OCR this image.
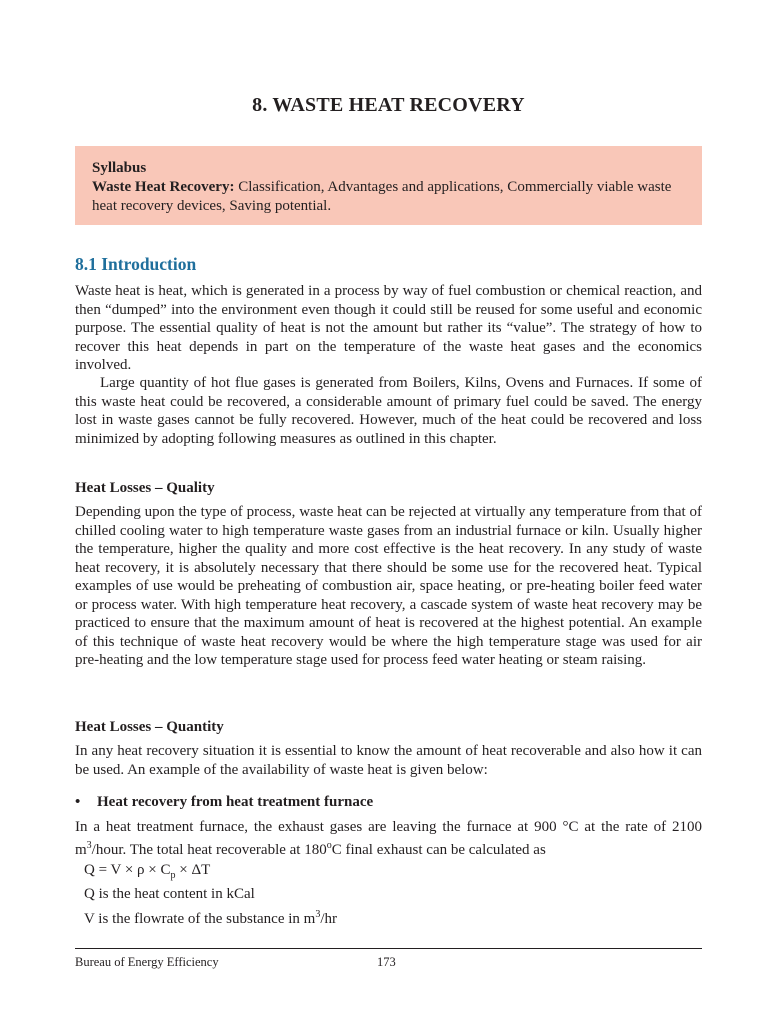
8. WASTE HEAT RECOVERY
Syllabus
Waste Heat Recovery: Classification, Advantages and applications, Commercially viable waste heat recovery devices, Saving potential.
8.1 Introduction

Waste heat is heat, which is generated in a process by way of fuel combustion or chemical reaction, and then “dumped” into the environment even though it could still be reused for some useful and economic purpose. The essential quality of heat is not the amount but rather its “value”. The strategy of how to recover this heat depends in part on the temperature of the waste heat gases and the economics involved.

Large quantity of hot flue gases is generated from Boilers, Kilns, Ovens and Furnaces. If some of this waste heat could be recovered, a considerable amount of primary fuel could be saved. The energy lost in waste gases cannot be fully recovered. However, much of the heat could be recovered and loss minimized by adopting following measures as outlined in this chapter.

Heat Losses – Quality

Depending upon the type of process, waste heat can be rejected at virtually any temperature from that of chilled cooling water to high temperature waste gases from an industrial furnace or kiln. Usually higher the temperature, higher the quality and more cost effective is the heat recovery. In any study of waste heat recovery, it is absolutely necessary that there should be some use for the recovered heat. Typical examples of use would be preheating of combustion air, space heating, or pre-heating boiler feed water or process water. With high temperature heat recovery, a cascade system of waste heat recovery may be practiced to ensure that the maximum amount of heat is recovered at the highest potential. An example of this technique of waste heat recovery would be where the high temperature stage was used for air pre-heating and the low temperature stage used for process feed water heating or steam raising.

Heat Losses – Quantity

In any heat recovery situation it is essential to know the amount of heat recoverable and also how it can be used. An example of the availability of waste heat is given below:

• Heat recovery from heat treatment furnace

In a heat treatment furnace, the exhaust gases are leaving the furnace at 900 °C at the rate of 2100 $m^3$/hour. The total heat recoverable at 180$^o$C final exhaust can be calculated as

$Q = V \times \rho \times C_p \times \Delta T$
Q is the heat content in kCal
V is the flowrate of the substance in $m^3/hr$
Bureau of Energy Efficiency	173
